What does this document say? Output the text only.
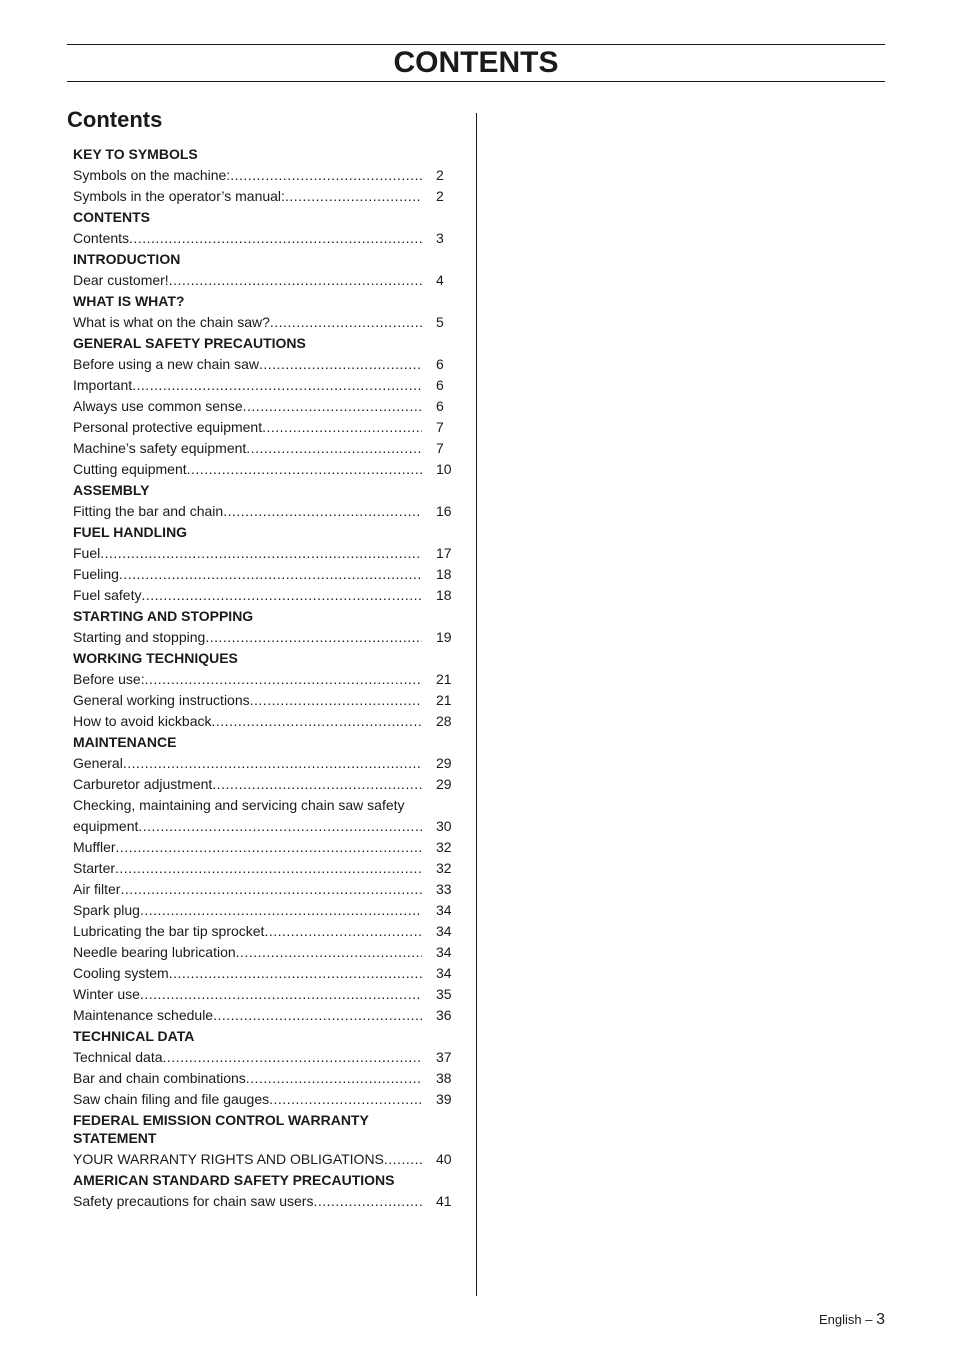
CONTENTS
Contents
KEY TO SYMBOLS
Symbols on the machine: .....	2
Symbols in the operator’s manual: .....	2
CONTENTS
Contents .....	3
INTRODUCTION
Dear customer! .....	4
WHAT IS WHAT?
What is what on the chain saw? .....	5
GENERAL SAFETY PRECAUTIONS
Before using a new chain saw .....	6
Important .....	6
Always use common sense .....	6
Personal protective equipment .....	7
Machine’s safety equipment .....	7
Cutting equipment .....	10
ASSEMBLY
Fitting the bar and chain .....	16
FUEL HANDLING
Fuel .....	17
Fueling .....	18
Fuel safety .....	18
STARTING AND STOPPING
Starting and stopping .....	19
WORKING TECHNIQUES
Before use: .....	21
General working instructions .....	21
How to avoid kickback .....	28
MAINTENANCE
General .....	29
Carburetor adjustment .....	29
Checking, maintaining and servicing chain saw safety
equipment .....	30
Muffler .....	32
Starter .....	32
Air filter .....	33
Spark plug .....	34
Lubricating the bar tip sprocket .....	34
Needle bearing lubrication .....	34
Cooling system .....	34
Winter use .....	35
Maintenance schedule .....	36
TECHNICAL DATA
Technical data .....	37
Bar and chain combinations .....	38
Saw chain filing and file gauges .....	39
FEDERAL EMISSION CONTROL WARRANTY STATEMENT
YOUR WARRANTY RIGHTS AND OBLIGATIONS .....	40
AMERICAN STANDARD SAFETY PRECAUTIONS
Safety precautions for chain saw users .....	41
English – 3
